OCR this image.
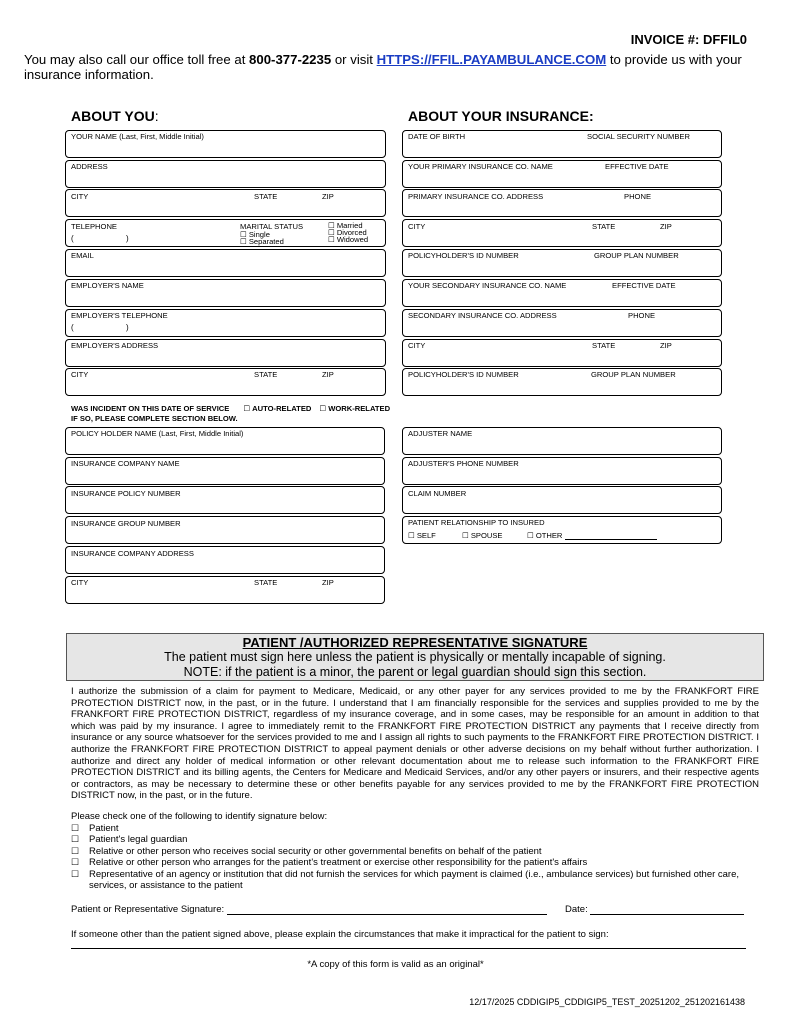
INVOICE #: DFFIL0
You may also call our office toll free at 800-377-2235 or visit HTTPS://FFIL.PAYAMBULANCE.COM to provide us with your insurance information.
ABOUT YOU:	ABOUT YOUR INSURANCE:
YOUR NAME (Last, First, Middle Initial)
ADDRESS
CITY	STATE	ZIP
TELEPHONE
(	)
MARITAL STATUS
☐ Single
☐ Separated
☐ Married
☐ Divorced
☐ Widowed
EMAIL
EMPLOYER'S NAME
EMPLOYER'S TELEPHONE
(	)
EMPLOYER'S ADDRESS
CITY	STATE	ZIP
DATE OF BIRTH	SOCIAL SECURITY NUMBER
YOUR PRIMARY INSURANCE CO. NAME	EFFECTIVE DATE
PRIMARY INSURANCE CO. ADDRESS	PHONE
CITY	STATE	ZIP
POLICYHOLDER'S ID NUMBER	GROUP PLAN NUMBER
YOUR SECONDARY INSURANCE CO. NAME	EFFECTIVE DATE
SECONDARY INSURANCE CO. ADDRESS	PHONE
CITY	STATE	ZIP
POLICYHOLDER'S ID NUMBER	GROUP PLAN NUMBER
WAS INCIDENT ON THIS DATE OF SERVICE ☐	AUTO-RELATED ☐ WORK-RELATED
IF SO, PLEASE COMPLETE SECTION BELOW.
POLICY HOLDER NAME (Last, First, Middle Initial)
INSURANCE COMPANY NAME
INSURANCE POLICY NUMBER
INSURANCE GROUP NUMBER
INSURANCE COMPANY ADDRESS
CITY	STATE	ZIP
ADJUSTER NAME
ADJUSTER'S PHONE NUMBER
CLAIM NUMBER
PATIENT RELATIONSHIP TO INSURED
☐ SELF ☐	SPOUSE ☐	OTHER
PATIENT /AUTHORIZED REPRESENTATIVE SIGNATURE
The patient must sign here unless the patient is physically or mentally incapable of signing.
NOTE: if the patient is a minor, the parent or legal guardian should sign this section.
I authorize the submission of a claim for payment to Medicare, Medicaid, or any other payer for any services provided to me by the FRANKFORT FIRE PROTECTION DISTRICT now, in the past, or in the future. I understand that I am financially responsible for the services and supplies provided to me by the FRANKFORT FIRE PROTECTION DISTRICT, regardless of my insurance coverage, and in some cases, may be responsible for an amount in addition to that which was paid by my insurance. I agree to immediately remit to the FRANKFORT FIRE PROTECTION DISTRICT any payments that I receive directly from insurance or any source whatsoever for the services provided to me and I assign all rights to such payments to the FRANKFORT FIRE PROTECTION DISTRICT. I authorize the FRANKFORT FIRE PROTECTION DISTRICT to appeal payment denials or other adverse decisions on my behalf without further authorization. I authorize and direct any holder of medical information or other relevant documentation about me to release such information to the FRANKFORT FIRE PROTECTION DISTRICT and its billing agents, the Centers for Medicare and Medicaid Services, and/or any other payers or insurers, and their respective agents or contractors, as may be necessary to determine these or other benefits payable for any services provided to me by the FRANKFORT FIRE PROTECTION DISTRICT now, in the past, or in the future.
Please check one of the following to identify signature below:
☐ Patient
☐ Patient's legal guardian
☐ Relative or other person who receives social security or other governmental benefits on behalf of the patient
☐ Relative or other person who arranges for the patient's treatment or exercise other responsibility for the patient's affairs
☐ Representative of an agency or institution that did not furnish the services for which payment is claimed (i.e., ambulance services) but furnished other care, services, or assistance to the patient
Patient or Representative Signature:	Date:
If someone other than the patient signed above, please explain the circumstances that make it impractical for the patient to sign:
*A copy of this form is valid as an original*
12/17/2025 CDDIGIP5_CDDIGIP5_TEST_20251202_251202161438
